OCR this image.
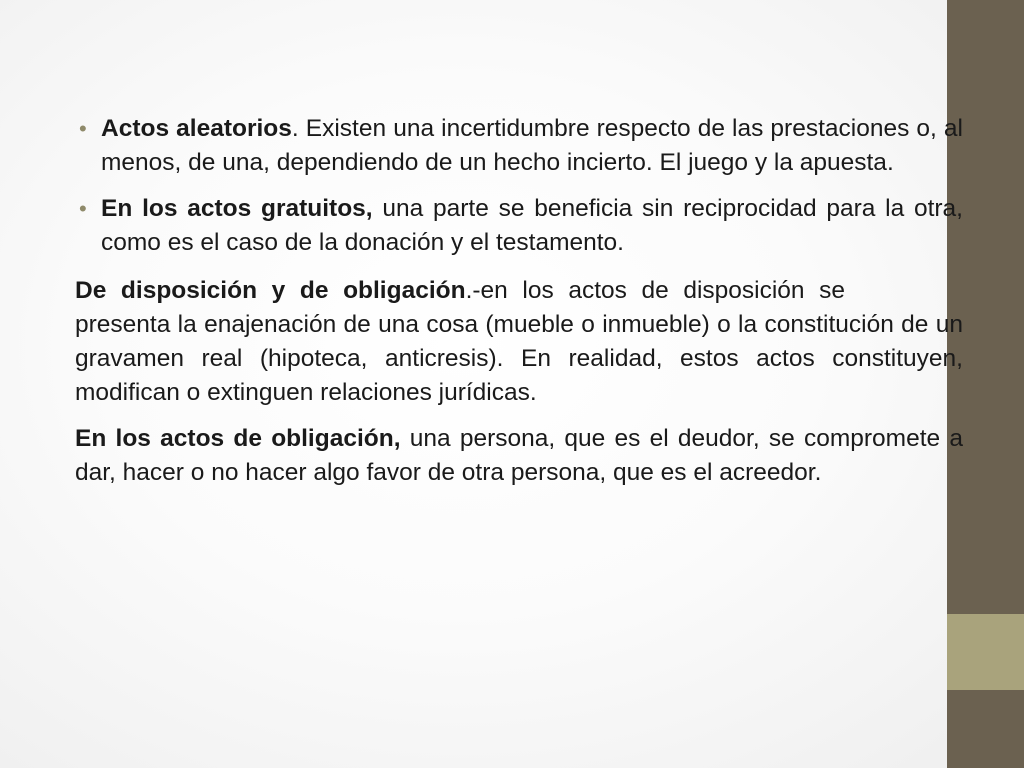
• Actos aleatorios. Existen una incertidumbre respecto de las prestaciones o, al menos, de una, dependiendo de un hecho incierto. El juego y la apuesta.
• En los actos gratuitos, una parte se beneficia sin reciprocidad para la otra, como es el caso de la donación y el testamento.
De disposición y de obligación.-en los actos de disposición sepresenta la enajenación de una cosa (mueble o inmueble) o la constitución de un gravamen real (hipoteca, anticresis). En realidad, estos actos constituyen, modifican o extinguen relaciones jurídicas.
En los actos de obligación, una persona, que es el deudor, se compromete a dar, hacer o no hacer algo favor de otra persona, que es el acreedor.
